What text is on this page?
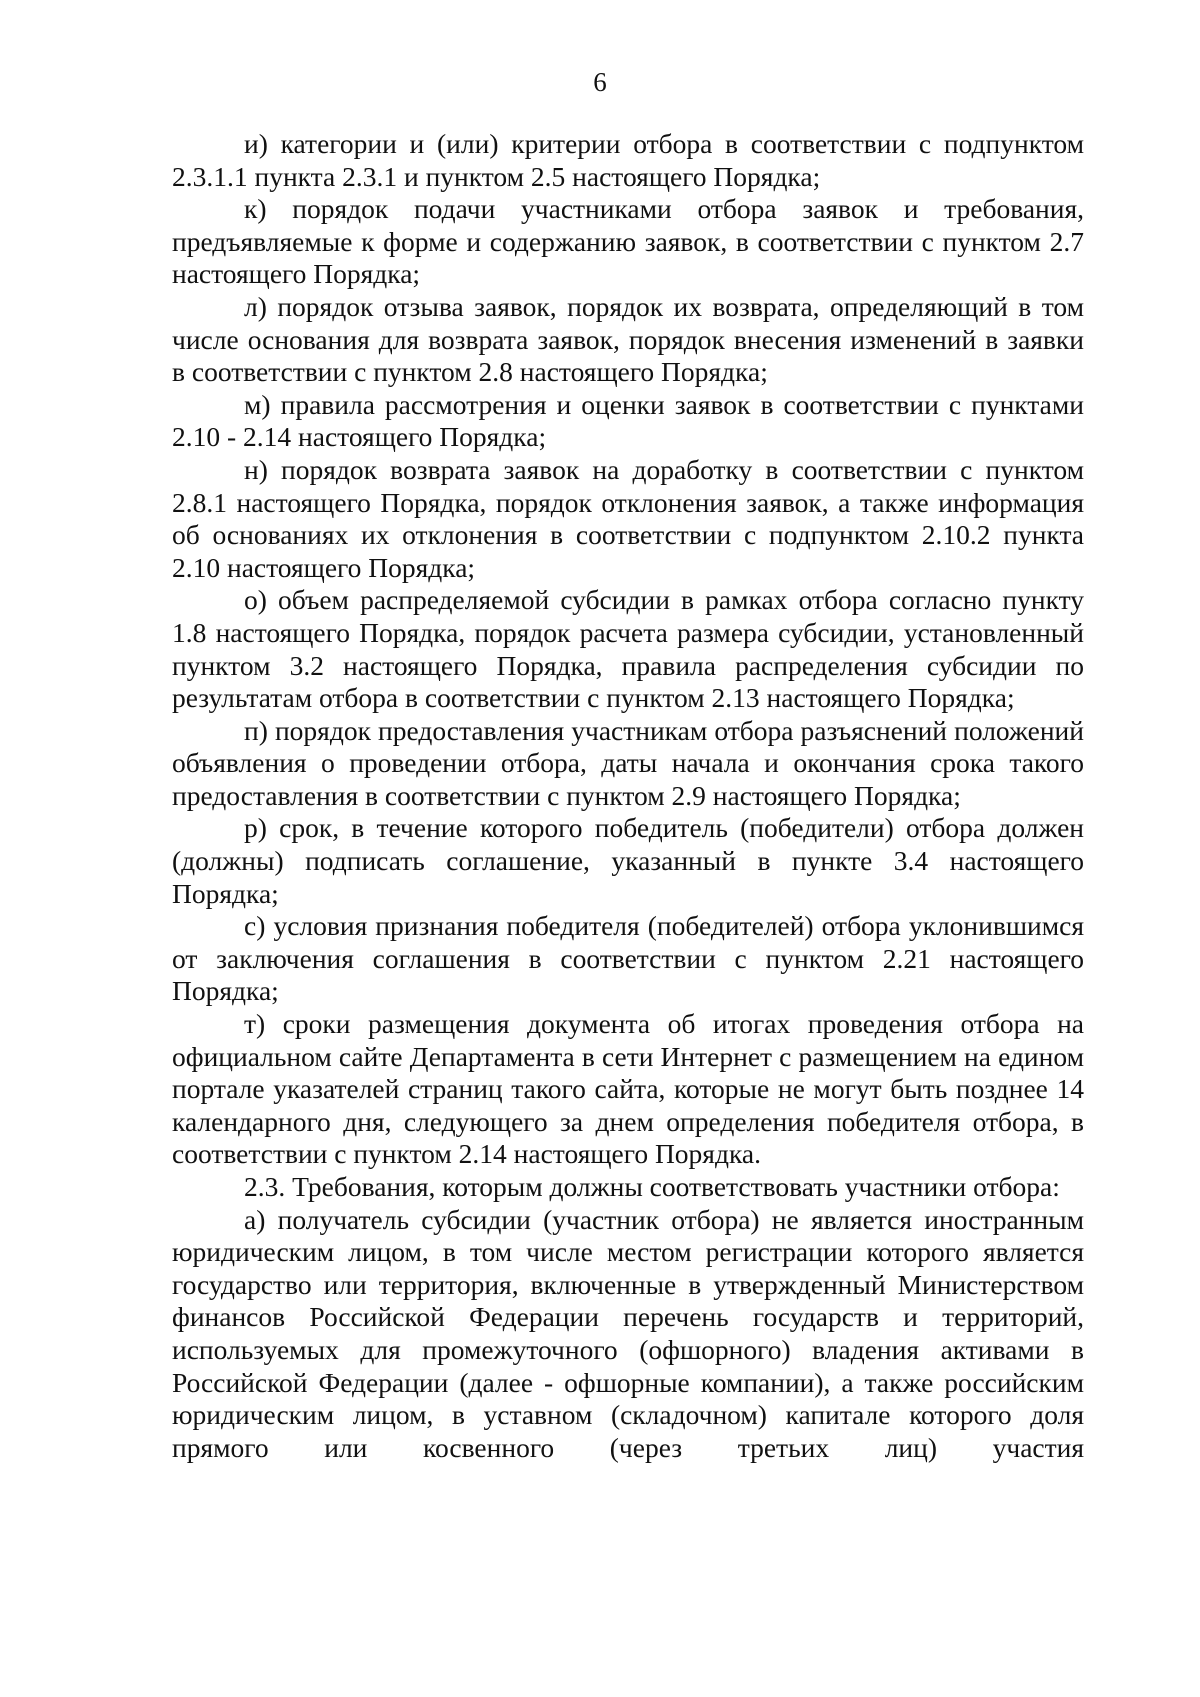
6

и) категории и (или) критерии отбора в соответствии с подпунктом 2.3.1.1 пункта 2.3.1 и пунктом 2.5 настоящего Порядка;

к) порядок подачи участниками отбора заявок и требования, предъявляемые к форме и содержанию заявок, в соответствии с пунктом 2.7 настоящего Порядка;

л) порядок отзыва заявок, порядок их возврата, определяющий в том числе основания для возврата заявок, порядок внесения изменений в заявки в соответствии с пунктом 2.8 настоящего Порядка;

м) правила рассмотрения и оценки заявок в соответствии с пунктами 2.10 - 2.14 настоящего Порядка;

н) порядок возврата заявок на доработку в соответствии с пунктом 2.8.1 настоящего Порядка, порядок отклонения заявок, а также информация об основаниях их отклонения в соответствии с подпунктом 2.10.2 пункта 2.10 настоящего Порядка;

о) объем распределяемой субсидии в рамках отбора согласно пункту 1.8 настоящего Порядка, порядок расчета размера субсидии, установленный пунктом 3.2 настоящего Порядка, правила распределения субсидии по результатам отбора в соответствии с пунктом 2.13 настоящего Порядка;

п) порядок предоставления участникам отбора разъяснений положений объявления о проведении отбора, даты начала и окончания срока такого предоставления в соответствии с пунктом 2.9 настоящего Порядка;

р) срок, в течение которого победитель (победители) отбора должен (должны) подписать соглашение, указанный в пункте 3.4 настоящего Порядка;

с) условия признания победителя (победителей) отбора уклонившимся от заключения соглашения в соответствии с пунктом 2.21 настоящего Порядка;

т) сроки размещения документа об итогах проведения отбора на официальном сайте Департамента в сети Интернет с размещением на едином портале указателей страниц такого сайта, которые не могут быть позднее 14 календарного дня, следующего за днем определения победителя отбора, в соответствии с пунктом 2.14 настоящего Порядка.

2.3. Требования, которым должны соответствовать участники отбора:

а) получатель субсидии (участник отбора) не является иностранным юридическим лицом, в том числе местом регистрации которого является государство или территория, включенные в утвержденный Министерством финансов Российской Федерации перечень государств и территорий, используемых для промежуточного (офшорного) владения активами в Российской Федерации (далее - офшорные компании), а также российским юридическим лицом, в уставном (складочном) капитале которого доля прямого или косвенного (через третьих лиц) участия
